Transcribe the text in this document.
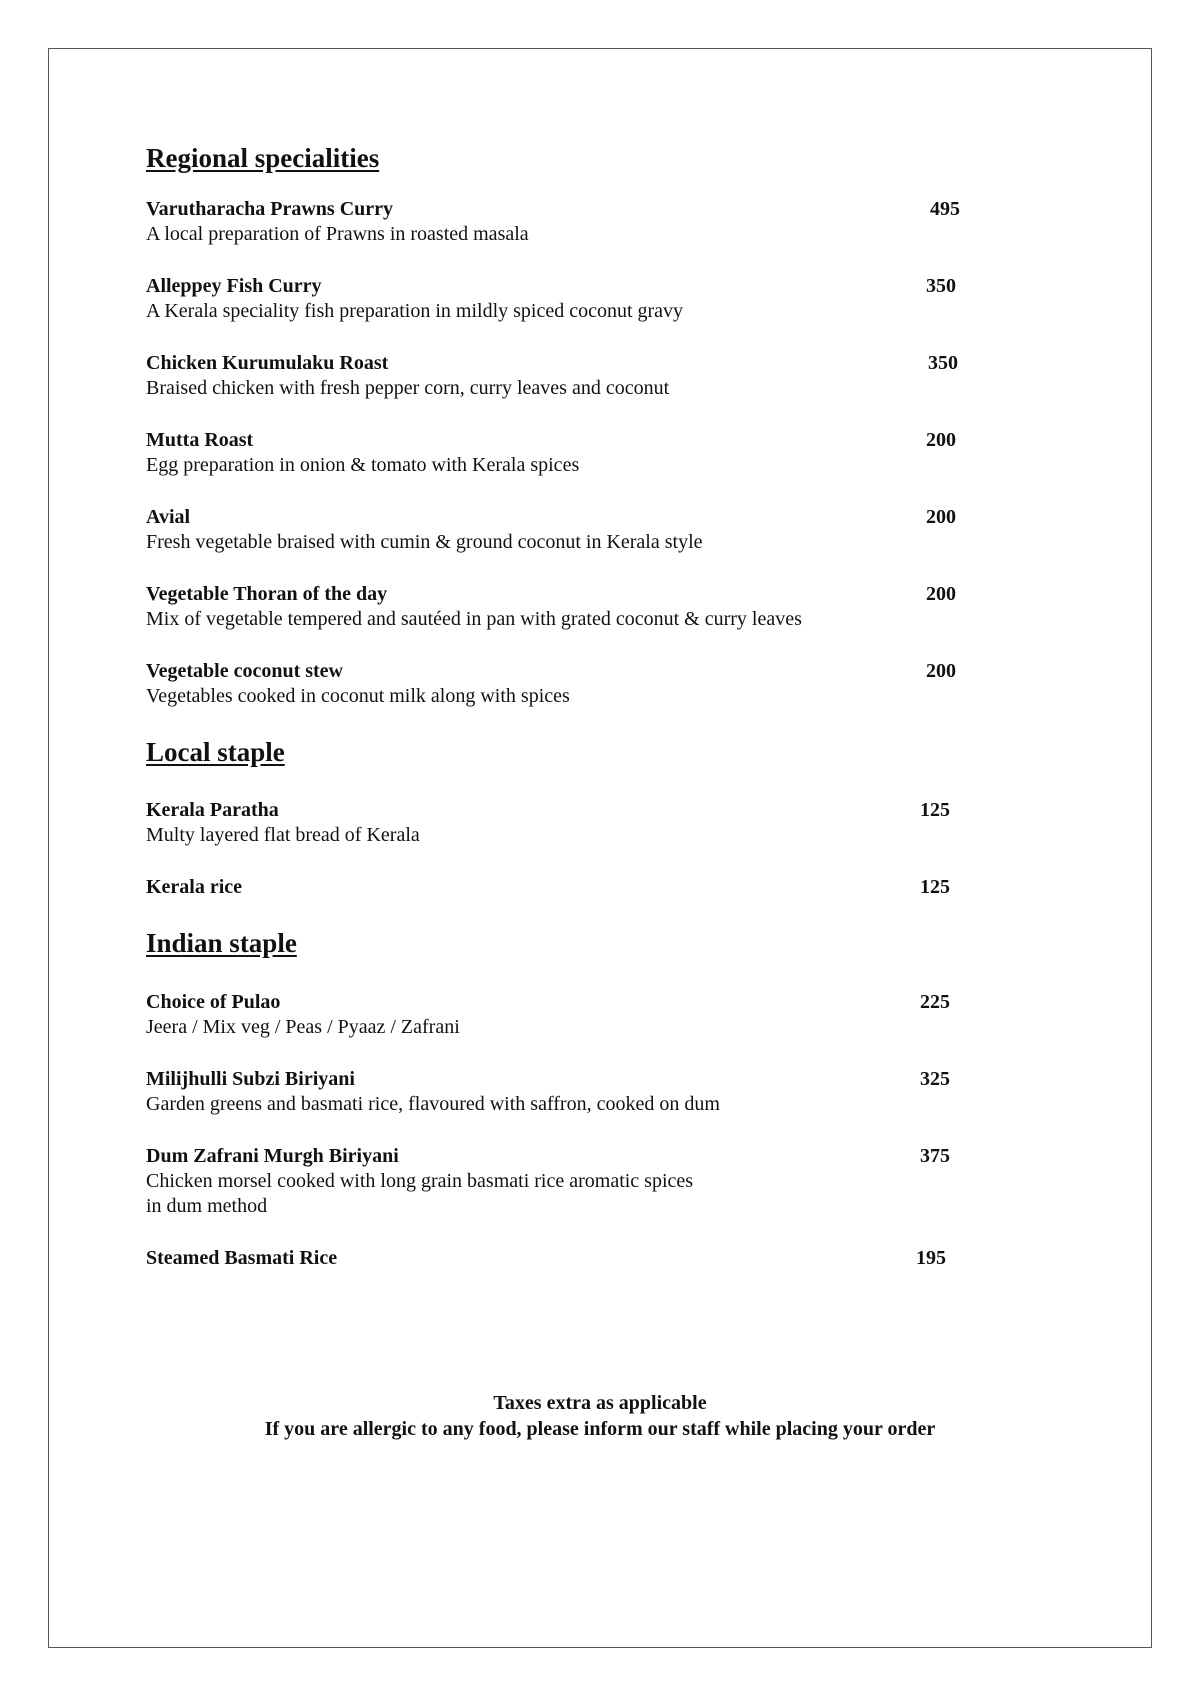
Regional specialities
Varutharacha Prawns Curry	495
A local preparation of Prawns in roasted masala
Alleppey Fish Curry	350
A Kerala speciality fish preparation in mildly spiced coconut gravy
Chicken Kurumulaku Roast	350
Braised chicken with fresh pepper corn, curry leaves and coconut
Mutta Roast	200
Egg preparation in onion & tomato with Kerala spices
Avial	200
Fresh vegetable braised with cumin & ground coconut in Kerala style
Vegetable Thoran of the day	200
Mix of vegetable tempered and sautéed in pan with grated coconut & curry leaves
Vegetable coconut stew	200
Vegetables cooked in coconut milk along with spices
Local staple
Kerala Paratha	125
Multy layered flat bread of Kerala
Kerala rice	125
Indian staple
Choice of Pulao	225
Jeera / Mix veg / Peas / Pyaaz / Zafrani
Milijhulli Subzi Biriyani	325
Garden greens and basmati rice, flavoured with saffron, cooked on dum
Dum Zafrani Murgh Biriyani	375
Chicken morsel cooked with long grain basmati rice aromatic spices
in dum method
Steamed Basmati Rice	195
Taxes extra as applicable
If you are allergic to any food, please inform our staff while placing your order
